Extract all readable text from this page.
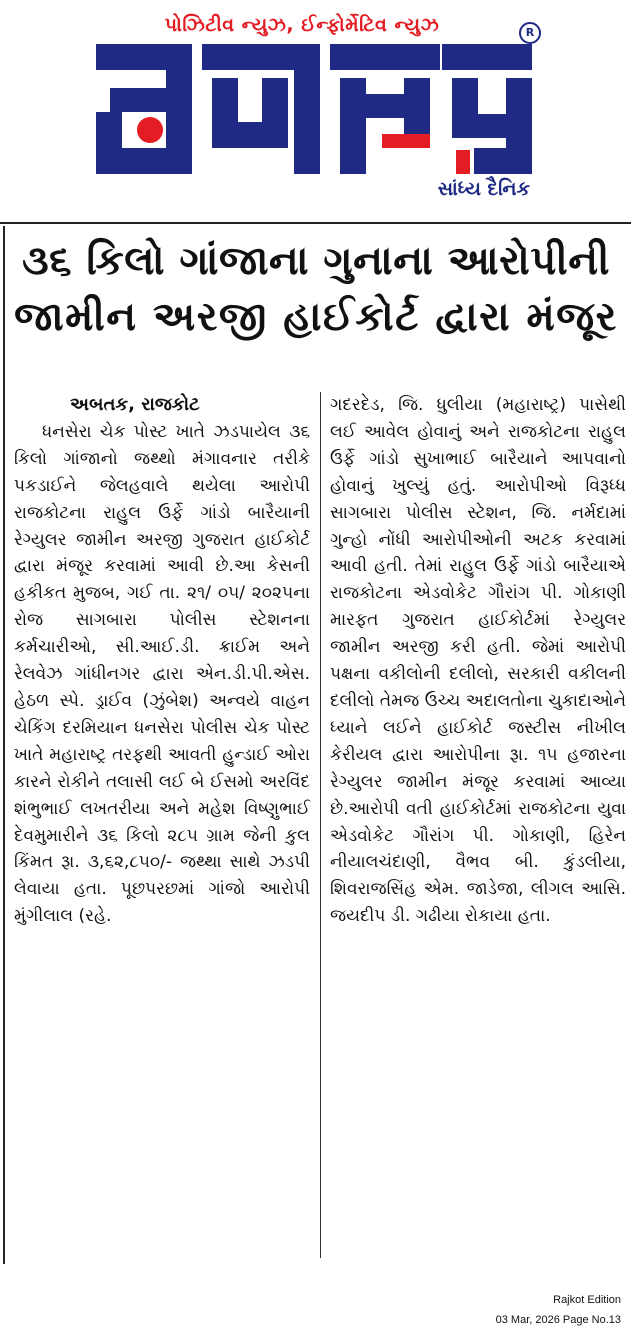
પોઝિટીવ ન્યુઝ, ઈન્ફોર્મેટિવ ન્યુઝ	R
સાંધ્ય દૈનિક
૩૬ કિલો ગાંજાના ગુનાના આરોપીની
જામીન અરજી હાઈકોર્ટ દ્વારા મંજૂર
અબતક, રાજકોટ

ધનસેરા ચેક પોસ્ટ ખાતે ઝડપાયેલ ૩૬ કિલો ગાંજાનો જથ્થો મંગાવનાર તરીકે પકડાઈને જેલહવાલે થયેલા આરોપી રાજકોટના રાહુલ ઉર્ફે ગાંડો બારૈયાની રેગ્યુલર જામીન અરજી ગુજરાત હાઈકોર્ટ દ્વારા મંજૂર કરવામાં આવી છે.આ કેસની હકીકત મુજબ, ગઈ તા. ૨૧/ ૦૫/ ૨૦૨૫ના રોજ સાગબારા પોલીસ સ્ટેશનના કર્મચારીઓ, સી.આઈ.ડી. ક્રાઈમ અને રેલવેઝ ગાંધીનગર દ્વારા એન.ડી.પી.એસ. હેઠળ સ્પે. ડ્રાઈવ (ઝુંબેશ) અન્વયે વાહન ચેકિંગ દરમિયાન ધનસેરા પોલીસ ચેક પોસ્ટ ખાતે મહારાષ્ટ્ર તરફથી આવતી હુન્ડાઈ ઓરા કારને રોકીને તલાસી લઈ બે ઈસમો અરવિંદ શંભુભાઈ લખતરીયા અને મહેશ વિષ્ણુભાઈ દેવમુમારીને ૩૬ કિલો ૨૮૫ ગ્રામ જેની કુલ કિંમત રૂા. ૩,૬૨,૮૫૦/- જથ્થા સાથે ઝડપી લેવાયા હતા. પૂછપરછમાં ગાંજો આરોપી મુંગીલાલ (રહે.

ગદરદેડ, જિ. ધુલીયા (મહારાષ્ટ્ર) પાસેથી લઈ આવેલ હોવાનું અને રાજકોટના રાહુલ ઉર્ફે ગાંડો સુખાભાઈ બારૈયાને આપવાનો હોવાનું ખુલ્યું હતું. આરોપીઓ વિરૂધ્ધ સાગબારા પોલીસ સ્ટેશન, જિ. નર્મદામાં ગુન્હો નોંધી આરોપીઓની અટક કરવામાં આવી હતી. તેમાં રાહુલ ઉર્ફે ગાંડો બારૈયાએ રાજકોટના એડવોકેટ ગૌરાંગ પી. ગોકાણી મારફત ગુજરાત હાઈકોર્ટમાં રેગ્યુલર જામીન અરજી કરી હતી. જેમાં આરોપી પક્ષના વકીલોની દલીલો, સરકારી વકીલની દલીલો તેમજ ઉચ્ચ અદાલતોના ચુકાદાઓને ધ્યાને લઈને હાઈકોર્ટ જસ્ટીસ નીખીલ કેરીયલ દ્વારા આરોપીના રૂા. ૧૫ હજારના રેગ્યુલર જામીન મંજૂર કરવામાં આવ્યા છે.આરોપી વતી હાઈકોર્ટમાં રાજકોટના યુવા એડવોકેટ ગૌરાંગ પી. ગોકાણી, હિરેન નીયાલચંદાણી, વૈભવ બી. કુંડલીયા, શિવરાજસિંહ એમ. જાડેજા, લીગલ આસિ. જયદીપ ડી. ગઢીયા રોકાયા હતા.

Rajkot Edition
03 Mar, 2026 Page No.13
